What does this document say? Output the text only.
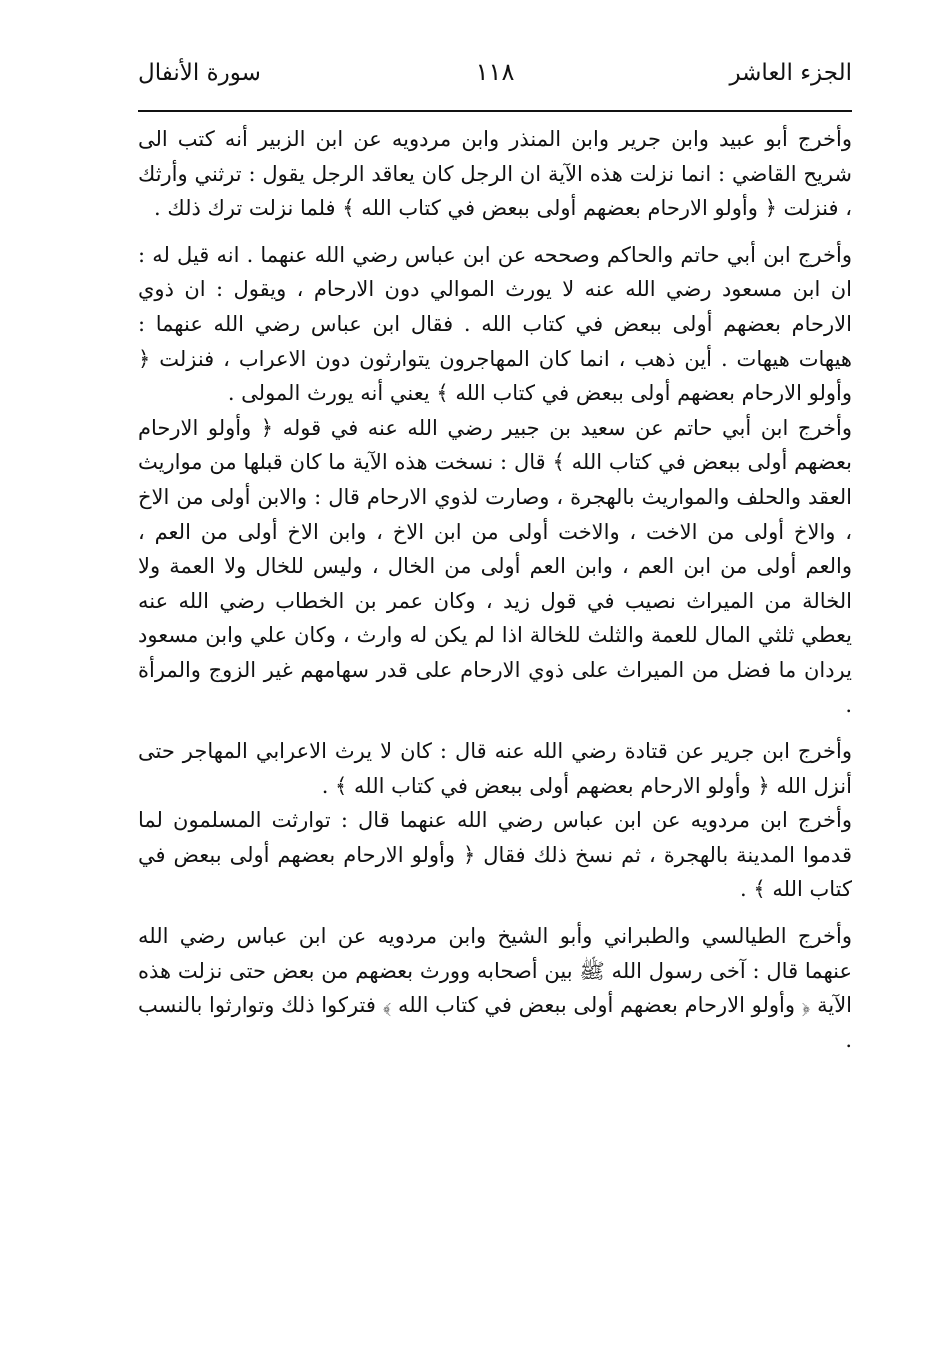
الجزء العاشر
١١٨
سورة الأنفال

وأخرج أبو عبيد وابن جرير وابن المنذر وابن مردويه عن ابن الزبير أنه كتب الى شريح القاضي : انما نزلت هذه الآية ان الرجل كان يعاقد الرجل يقول : ترثني وأرثك ، فنزلت ﴿ وأولو الارحام بعضهم أولى ببعض في كتاب الله ﴾ فلما نزلت ترك ذلك .

وأخرج ابن أبي حاتم والحاكم وصححه عن ابن عباس رضي الله عنهما . انه قيل له : ان ابن مسعود رضي الله عنه لا يورث الموالي دون الارحام ، ويقول : ان ذوي الارحام بعضهم أولى ببعض في كتاب الله . فقال ابن عباس رضي الله عنهما : هيهات هيهات . أين ذهب ، انما كان المهاجرون يتوارثون دون الاعراب ، فنزلت ﴿ وأولو الارحام بعضهم أولى ببعض في كتاب الله ﴾ يعني أنه يورث المولى .

وأخرج ابن أبي حاتم عن سعيد بن جبير رضي الله عنه في قوله ﴿ وأولو الارحام بعضهم أولى ببعض في كتاب الله ﴾ قال : نسخت هذه الآية ما كان قبلها من مواريث العقد والحلف والمواريث بالهجرة ، وصارت لذوي الارحام قال : والابن أولى من الاخ ، والاخ أولى من الاخت ، والاخت أولى من ابن الاخ ، وابن الاخ أولى من العم ، والعم أولى من ابن العم ، وابن العم أولى من الخال ، وليس للخال ولا العمة ولا الخالة من الميراث نصيب في قول زيد ، وكان عمر بن الخطاب رضي الله عنه يعطي ثلثي المال للعمة والثلث للخالة اذا لم يكن له وارث ، وكان علي وابن مسعود يردان ما فضل من الميراث على ذوي الارحام على قدر سهامهم غير الزوج والمرأة .

وأخرج ابن جرير عن قتادة رضي الله عنه قال : كان لا يرث الاعرابي المهاجر حتى أنزل الله ﴿ وأولو الارحام بعضهم أولى ببعض في كتاب الله ﴾ .

وأخرج ابن مردويه عن ابن عباس رضي الله عنهما قال : توارثت المسلمون لما قدموا المدينة بالهجرة ، ثم نسخ ذلك فقال ﴿ وأولو الارحام بعضهم أولى ببعض في كتاب الله ﴾ .

وأخرج الطيالسي والطبراني وأبو الشيخ وابن مردويه عن ابن عباس رضي الله عنهما قال : آخى رسول الله ﷺ بين أصحابه وورث بعضهم من بعض حتى نزلت هذه الآية ﴿ وأولو الارحام بعضهم أولى ببعض في كتاب الله ﴾ فتركوا ذلك وتوارثوا بالنسب .
